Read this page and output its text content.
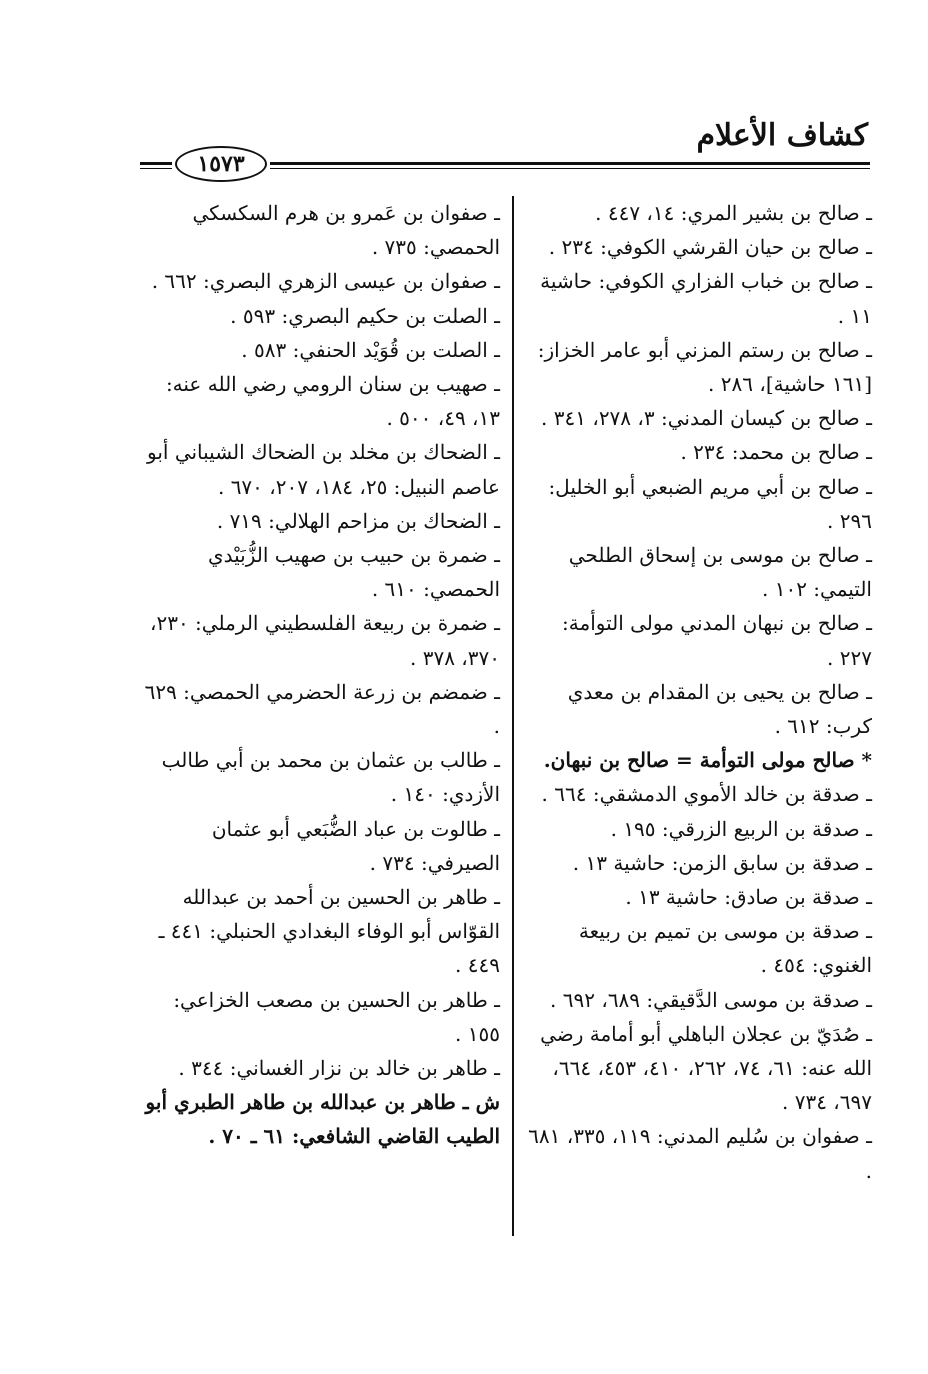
كشاف الأعلام
١٥٧٣

ـ صالح بن بشير المري: ١٤، ٤٤٧ .

ـ صالح بن حيان القرشي الكوفي: ٢٣٤ .

ـ صالح بن خباب الفزاري الكوفي: حاشية ١١ .

ـ صالح بن رستم المزني أبو عامر الخزاز: [١٦١ حاشية]، ٢٨٦ .

ـ صالح بن كيسان المدني: ٣، ٢٧٨، ٣٤١ .

ـ صالح بن محمد: ٢٣٤ .

ـ صالح بن أبي مريم الضبعي أبو الخليل: ٢٩٦ .

ـ صالح بن موسى بن إسحاق الطلحي التيمي: ١٠٢ .

ـ صالح بن نبهان المدني مولى التوأمة: ٢٢٧ .

ـ صالح بن يحيى بن المقدام بن معدي كرب: ٦١٢ .

* صالح مولى التوأمة = صالح بن نبهان.

ـ صدقة بن خالد الأموي الدمشقي: ٦٦٤ .

ـ صدقة بن الربيع الزرقي: ١٩٥ .

ـ صدقة بن سابق الزمن: حاشية ١٣ .

ـ صدقة بن صادق: حاشية ١٣ .

ـ صدقة بن موسى بن تميم بن ربيعة الغنوي: ٤٥٤ .

ـ صدقة بن موسى الدَّقيقي: ٦٨٩، ٦٩٢ .

ـ صُدَيّ بن عجلان الباهلي أبو أمامة رضي الله عنه: ٦١، ٧٤، ٢٦٢، ٤١٠، ٤٥٣، ٦٦٤، ٦٩٧، ٧٣٤ .

ـ صفوان بن سُليم المدني: ١١٩، ٣٣٥، ٦٨١ .

ـ صفوان بن عَمرو بن هرم السكسكي الحمصي: ٧٣٥ .

ـ صفوان بن عيسى الزهري البصري: ٦٦٢ .

ـ الصلت بن حكيم البصري: ٥٩٣ .

ـ الصلت بن قُوَيْد الحنفي: ٥٨٣ .

ـ صهيب بن سنان الرومي رضي الله عنه: ١٣، ٤٩، ٥٠٠ .

ـ الضحاك بن مخلد بن الضحاك الشيباني أبو عاصم النبيل: ٢٥، ١٨٤، ٢٠٧، ٦٧٠ .

ـ الضحاك بن مزاحم الهلالي: ٧١٩ .

ـ ضمرة بن حبيب بن صهيب الزُّبَيْدي الحمصي: ٦١٠ .

ـ ضمرة بن ربيعة الفلسطيني الرملي: ٢٣٠، ٣٧٠، ٣٧٨ .

ـ ضمضم بن زرعة الحضرمي الحمصي: ٦٢٩ .

ـ طالب بن عثمان بن محمد بن أبي طالب الأزدي: ١٤٠ .

ـ طالوت بن عباد الضُّبَعي أبو عثمان الصيرفي: ٧٣٤ .

ـ طاهر بن الحسين بن أحمد بن عبدالله القوّاس أبو الوفاء البغدادي الحنبلي: ٤٤١ ـ ٤٤٩ .

ـ طاهر بن الحسين بن مصعب الخزاعي: ١٥٥ .

ـ طاهر بن خالد بن نزار الغساني: ٣٤٤ .

ش ـ طاهر بن عبدالله بن طاهر الطبري أبو الطيب القاضي الشافعي: ٦١ ـ ٧٠ .
